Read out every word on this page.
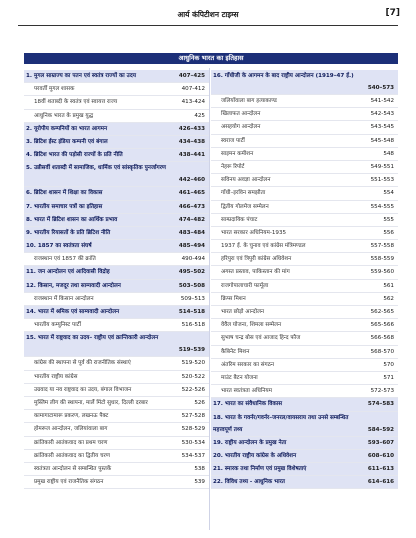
आर्य कंपिटीशन टाइम्स	[7]
आधुनिक भारत का इतिहास
1. मुगल साम्राज्य का पतन एवं स्वतंत्र राज्यों का उदय	407–425
परवर्ती मुगल शासक	407-412
18वीं शताब्दी के स्वतंत्र एवं स्वायत्त राज्य	413-424
आधुनिक भारत के प्रमुख युद्ध	425
2. यूरोपीय कम्पनियों का भारत आगमन	426–433
3. ब्रिटिश ईस्ट इंडिया कम्पनी एवं बंगाल	434–438
4. ब्रिटिश भारत की पड़ोसी राज्यों के प्रति नीति	438–441
5. उन्नीसवीं शताब्दी में सामाजिक, धार्मिक एवं सांस्कृतिक पुनर्जागरण
442–460
6. ब्रिटिश शासन में शिक्षा का विकास	461–465
7. भारतीय समाचार पत्रों का इतिहास	466–473
8. भारत में ब्रिटिश शासन का आर्थिक प्रभाव	474–482
9. भारतीय रियासतों के प्रति ब्रिटिश नीति	483–484
10. 1857 का स्वतंत्रता संघर्ष	485–494
राजस्थान एवं 1857 की क्रांति	490-494
11. जन आन्दोलन एवं आदिवासी विद्रोह	495–502
12. किसान, मजदूर तथा साम्यवादी आन्दोलन	503–508
राजस्थान में किसान आन्दोलन	509–513
14. भारत में श्रमिक एवं साम्यवादी आन्दोलन	514–518
भारतीय कम्युनिस्ट पार्टी	516-518
15. भारत में राष्ट्रवाद का उदय– राष्ट्रीय एवं क्रान्तिकारी आन्दोलन
519–539
कांग्रेस की स्थापना से पूर्व की राजनीतिक संस्थाएं	519-520
भारतीय राष्ट्रीय कांग्रेस	520-522
उग्रवाद या नव राष्ट्रवाद का उदय, बंगाल विभाजन	522-526
मुस्लिम लीग की स्थापना, मार्ले मिंटो सुधार, दिल्ली दरबार	526
कामागाटामारू प्रकरण, लखनऊ पैक्ट	527-528
होमरूल आन्दोलन, जलियांवाला बाग	528-529
क्रांतिकारी आतंकवाद का प्रथम चरण	530-534
क्रांतिकारी आतंकवाद का द्वितीय चरण	534-537
स्वतंत्रता आन्दोलन से सम्बन्धित पुस्तकें	538
प्रमुख राष्ट्रीय एवं राजनैतिक संगठन	539
16. गाँधीजी के आगमन के बाद राष्ट्रीय आन्दोलन (1919–47 ई.)
540–573
जलियाँवाला बाग हत्याकाण्ड	541-542
खिलाफत आन्दोलन	542-543
असहयोग आन्दोलन	543-545
स्वराज पार्टी	545-548
साइमन कमीशन	548
नेहरू रिपोर्ट	549-551
सविनय अवज्ञा आन्दोलन	551-553
गाँधी–इरविन समझौता	554
द्वितीय गोलमेज सम्मेलन	554-555
साम्प्रदायिक पंचाट	555
भारत सरकार अधिनियम-1935	556
1937 ई. के चुनाव एवं कांग्रेस मंत्रिमण्डल	557-558
हरिपुरा एवं त्रिपुरी कांग्रेस अधिवेशन	558-559
अगस्त प्रस्ताव, पाकिस्तान की मांग	559-560
राजगोपालाचारी फार्मूला	561
क्रिप्स मिशन	562
भारत छोड़ो आन्दोलन	562-565
वेवैल योजना, शिमला सम्मेलन	565-566
सुभाष चन्द्र बोस एवं आजाद हिन्द फौज	566-568
कैबिनेट मिशन	568-570
अंतरिम सरकार का संगठन	570
माउंट बैटन योजना	571
भारत स्वतंत्रता अधिनियम	572-573
17. भारत का संवैधानिक विकास	574–583
18. भारत के गवर्नर/गवर्नर–जनरल/वायसराय तथा उनसे सम्बन्धित महत्त्वपूर्ण तथ्य	584–592
19. राष्ट्रीय आन्दोलन के प्रमुख नेता	593–607
20. भारतीय राष्ट्रीय कांग्रेस के अधिवेशन	608–610
21. स्मारक तथा निर्माण एवं प्रमुख विशेषताएं	611–613
22. विविध तथ्य - आधुनिक भारत	614–616
